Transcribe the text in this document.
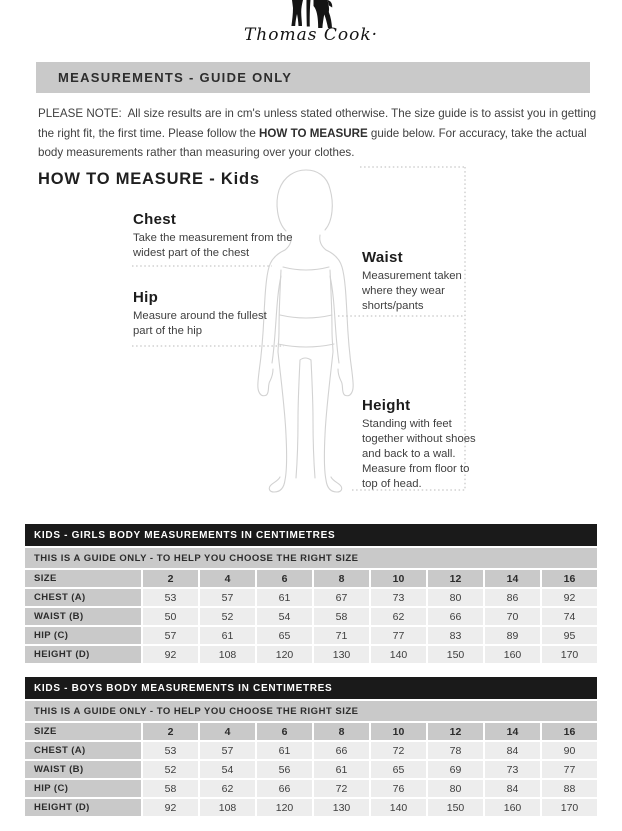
Thomas Cook·
MEASUREMENTS - GUIDE ONLY

PLEASE NOTE:  All size results are in cm's unless stated otherwise. The size guide is to assist you in getting
the right fit, the first time. Please follow the HOW TO MEASURE guide below. For accuracy, take the actual
body measurements rather than measuring over your clothes.

HOW TO MEASURE - Kids
Chest

Take the measurement from the widest part of the chest

Hip

Measure around the fullest part of the hip

Waist

Measurement taken where they wear shorts/pants

Height

Standing with feet together without shoes and back to a wall. Measure from floor to top of head.

KIDS - GIRLS BODY MEASUREMENTS IN CENTIMETRES
THIS IS A GUIDE ONLY - TO HELP YOU CHOOSE THE RIGHT SIZE
SIZE	2	4	6	8	10	12	14	16
CHEST (A)	53	57	61	67	73	80	86	92
WAIST (B)	50	52	54	58	62	66	70	74
HIP (C)	57	61	65	71	77	83	89	95
HEIGHT (D)	92	108	120	130	140	150	160	170
KIDS - BOYS BODY MEASUREMENTS IN CENTIMETRES
THIS IS A GUIDE ONLY - TO HELP YOU CHOOSE THE RIGHT SIZE
SIZE	2	4	6	8	10	12	14	16
CHEST (A)	53	57	61	66	72	78	84	90
WAIST (B)	52	54	56	61	65	69	73	77
HIP (C)	58	62	66	72	76	80	84	88
HEIGHT (D)	92	108	120	130	140	150	160	170
